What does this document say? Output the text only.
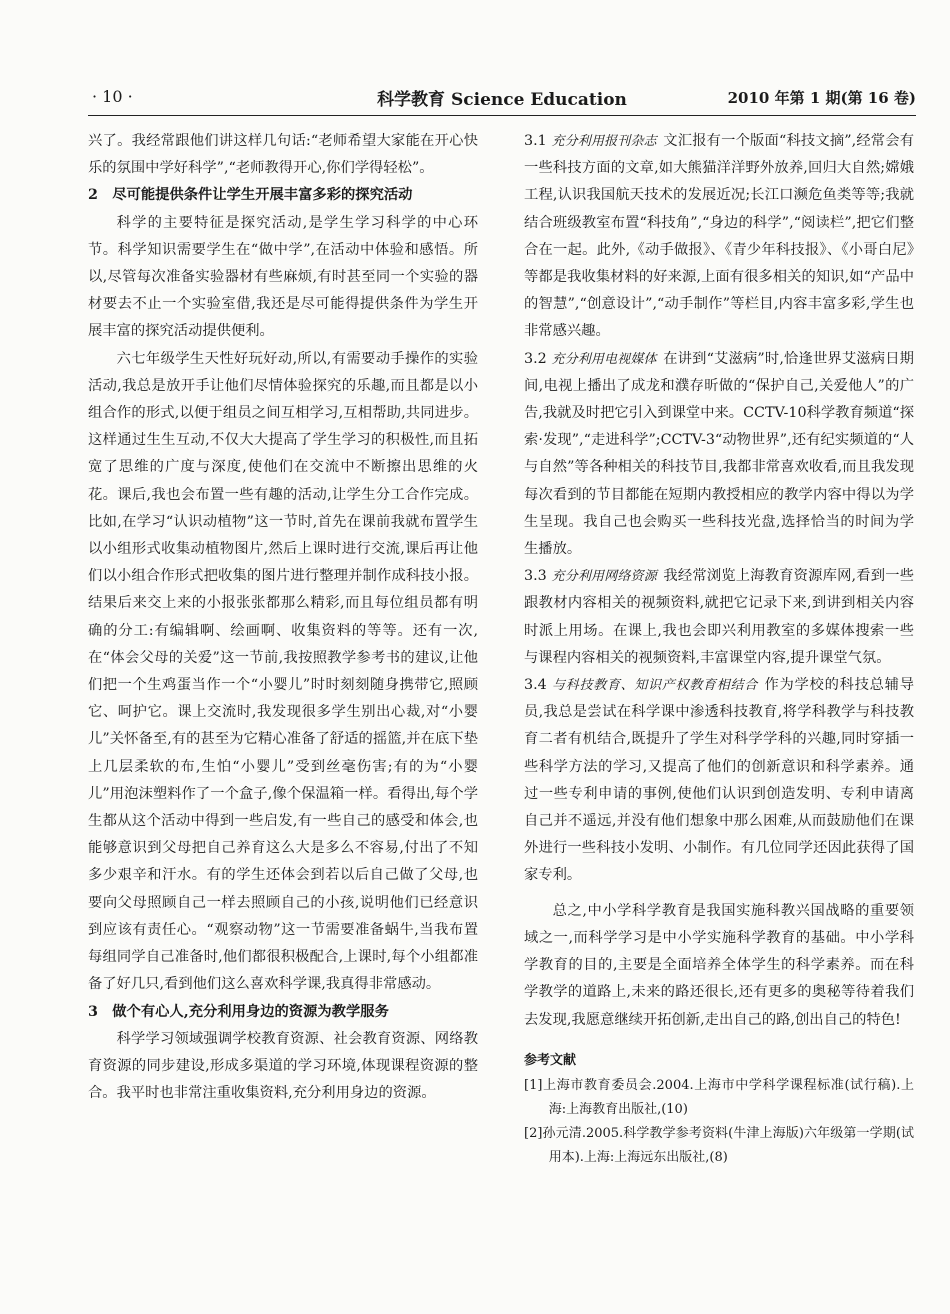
· 10 ·	科学教育 Science Education	2010 年第 1 期(第 16 卷)

兴了。我经常跟他们讲这样几句话:“老师希望大家能在开心快乐的氛围中学好科学”,“老师教得开心,你们学得轻松”。

2　尽可能提供条件让学生开展丰富多彩的探究活动

科学的主要特征是探究活动,是学生学习科学的中心环节。科学知识需要学生在“做中学”,在活动中体验和感悟。所以,尽管每次准备实验器材有些麻烦,有时甚至同一个实验的器材要去不止一个实验室借,我还是尽可能得提供条件为学生开展丰富的探究活动提供便利。

六七年级学生天性好玩好动,所以,有需要动手操作的实验活动,我总是放开手让他们尽情体验探究的乐趣,而且都是以小组合作的形式,以便于组员之间互相学习,互相帮助,共同进步。这样通过生生互动,不仅大大提高了学生学习的积极性,而且拓宽了思维的广度与深度,使他们在交流中不断擦出思维的火花。课后,我也会布置一些有趣的活动,让学生分工合作完成。比如,在学习“认识动植物”这一节时,首先在课前我就布置学生以小组形式收集动植物图片,然后上课时进行交流,课后再让他们以小组合作形式把收集的图片进行整理并制作成科技小报。结果后来交上来的小报张张都那么精彩,而且每位组员都有明确的分工:有编辑啊、绘画啊、收集资料的等等。还有一次,在“体会父母的关爱”这一节前,我按照教学参考书的建议,让他们把一个生鸡蛋当作一个“小婴儿”时时刻刻随身携带它,照顾它、呵护它。课上交流时,我发现很多学生别出心裁,对“小婴儿”关怀备至,有的甚至为它精心准备了舒适的摇篮,并在底下垫上几层柔软的布,生怕“小婴儿”受到丝毫伤害;有的为“小婴儿”用泡沫塑料作了一个盒子,像个保温箱一样。看得出,每个学生都从这个活动中得到一些启发,有一些自己的感受和体会,也能够意识到父母把自己养育这么大是多么不容易,付出了不知多少艰辛和汗水。有的学生还体会到若以后自己做了父母,也要向父母照顾自己一样去照顾自己的小孩,说明他们已经意识到应该有责任心。“观察动物”这一节需要准备蜗牛,当我布置每组同学自己准备时,他们都很积极配合,上课时,每个小组都准备了好几只,看到他们这么喜欢科学课,我真得非常感动。

3　做个有心人,充分利用身边的资源为教学服务

科学学习领域强调学校教育资源、社会教育资源、网络教育资源的同步建设,形成多渠道的学习环境,体现课程资源的整合。我平时也非常注重收集资料,充分利用身边的资源。

3.1 充分利用报刊杂志 文汇报有一个版面“科技文摘”,经常会有一些科技方面的文章,如大熊猫洋洋野外放养,回归大自然;嫦娥工程,认识我国航天技术的发展近况;长江口濒危鱼类等等;我就结合班级教室布置“科技角”,“身边的科学”,“阅读栏”,把它们整合在一起。此外,《动手做报》、《青少年科技报》、《小哥白尼》等都是我收集材料的好来源,上面有很多相关的知识,如“产品中的智慧”,“创意设计”,“动手制作”等栏目,内容丰富多彩,学生也非常感兴趣。

3.2 充分利用电视媒体 在讲到“艾滋病”时,恰逢世界艾滋病日期间,电视上播出了成龙和濮存昕做的“保护自己,关爱他人”的广告,我就及时把它引入到课堂中来。CCTV-10科学教育频道“探索·发现”,“走进科学”;CCTV-3“动物世界”,还有纪实频道的“人与自然”等各种相关的科技节目,我都非常喜欢收看,而且我发现每次看到的节目都能在短期内教授相应的教学内容中得以为学生呈现。我自己也会购买一些科技光盘,选择恰当的时间为学生播放。

3.3 充分利用网络资源 我经常浏览上海教育资源库网,看到一些跟教材内容相关的视频资料,就把它记录下来,到讲到相关内容时派上用场。在课上,我也会即兴利用教室的多媒体搜索一些与课程内容相关的视频资料,丰富课堂内容,提升课堂气氛。

3.4 与科技教育、知识产权教育相结合 作为学校的科技总辅导员,我总是尝试在科学课中渗透科技教育,将学科教学与科技教育二者有机结合,既提升了学生对科学学科的兴趣,同时穿插一些科学方法的学习,又提高了他们的创新意识和科学素养。通过一些专利申请的事例,使他们认识到创造发明、专利申请离自己并不遥远,并没有他们想象中那么困难,从而鼓励他们在课外进行一些科技小发明、小制作。有几位同学还因此获得了国家专利。

总之,中小学科学教育是我国实施科教兴国战略的重要领域之一,而科学学习是中小学实施科学教育的基础。中小学科学教育的目的,主要是全面培养全体学生的科学素养。而在科学教学的道路上,未来的路还很长,还有更多的奥秘等待着我们去发现,我愿意继续开拓创新,走出自己的路,创出自己的特色!

参考文献
[1]上海市教育委员会.2004.上海市中学科学课程标准(试行稿).上海:上海教育出版社,(10)
[2]孙元清.2005.科学教学参考资料(牛津上海版)六年级第一学期(试用本).上海:上海远东出版社,(8)
